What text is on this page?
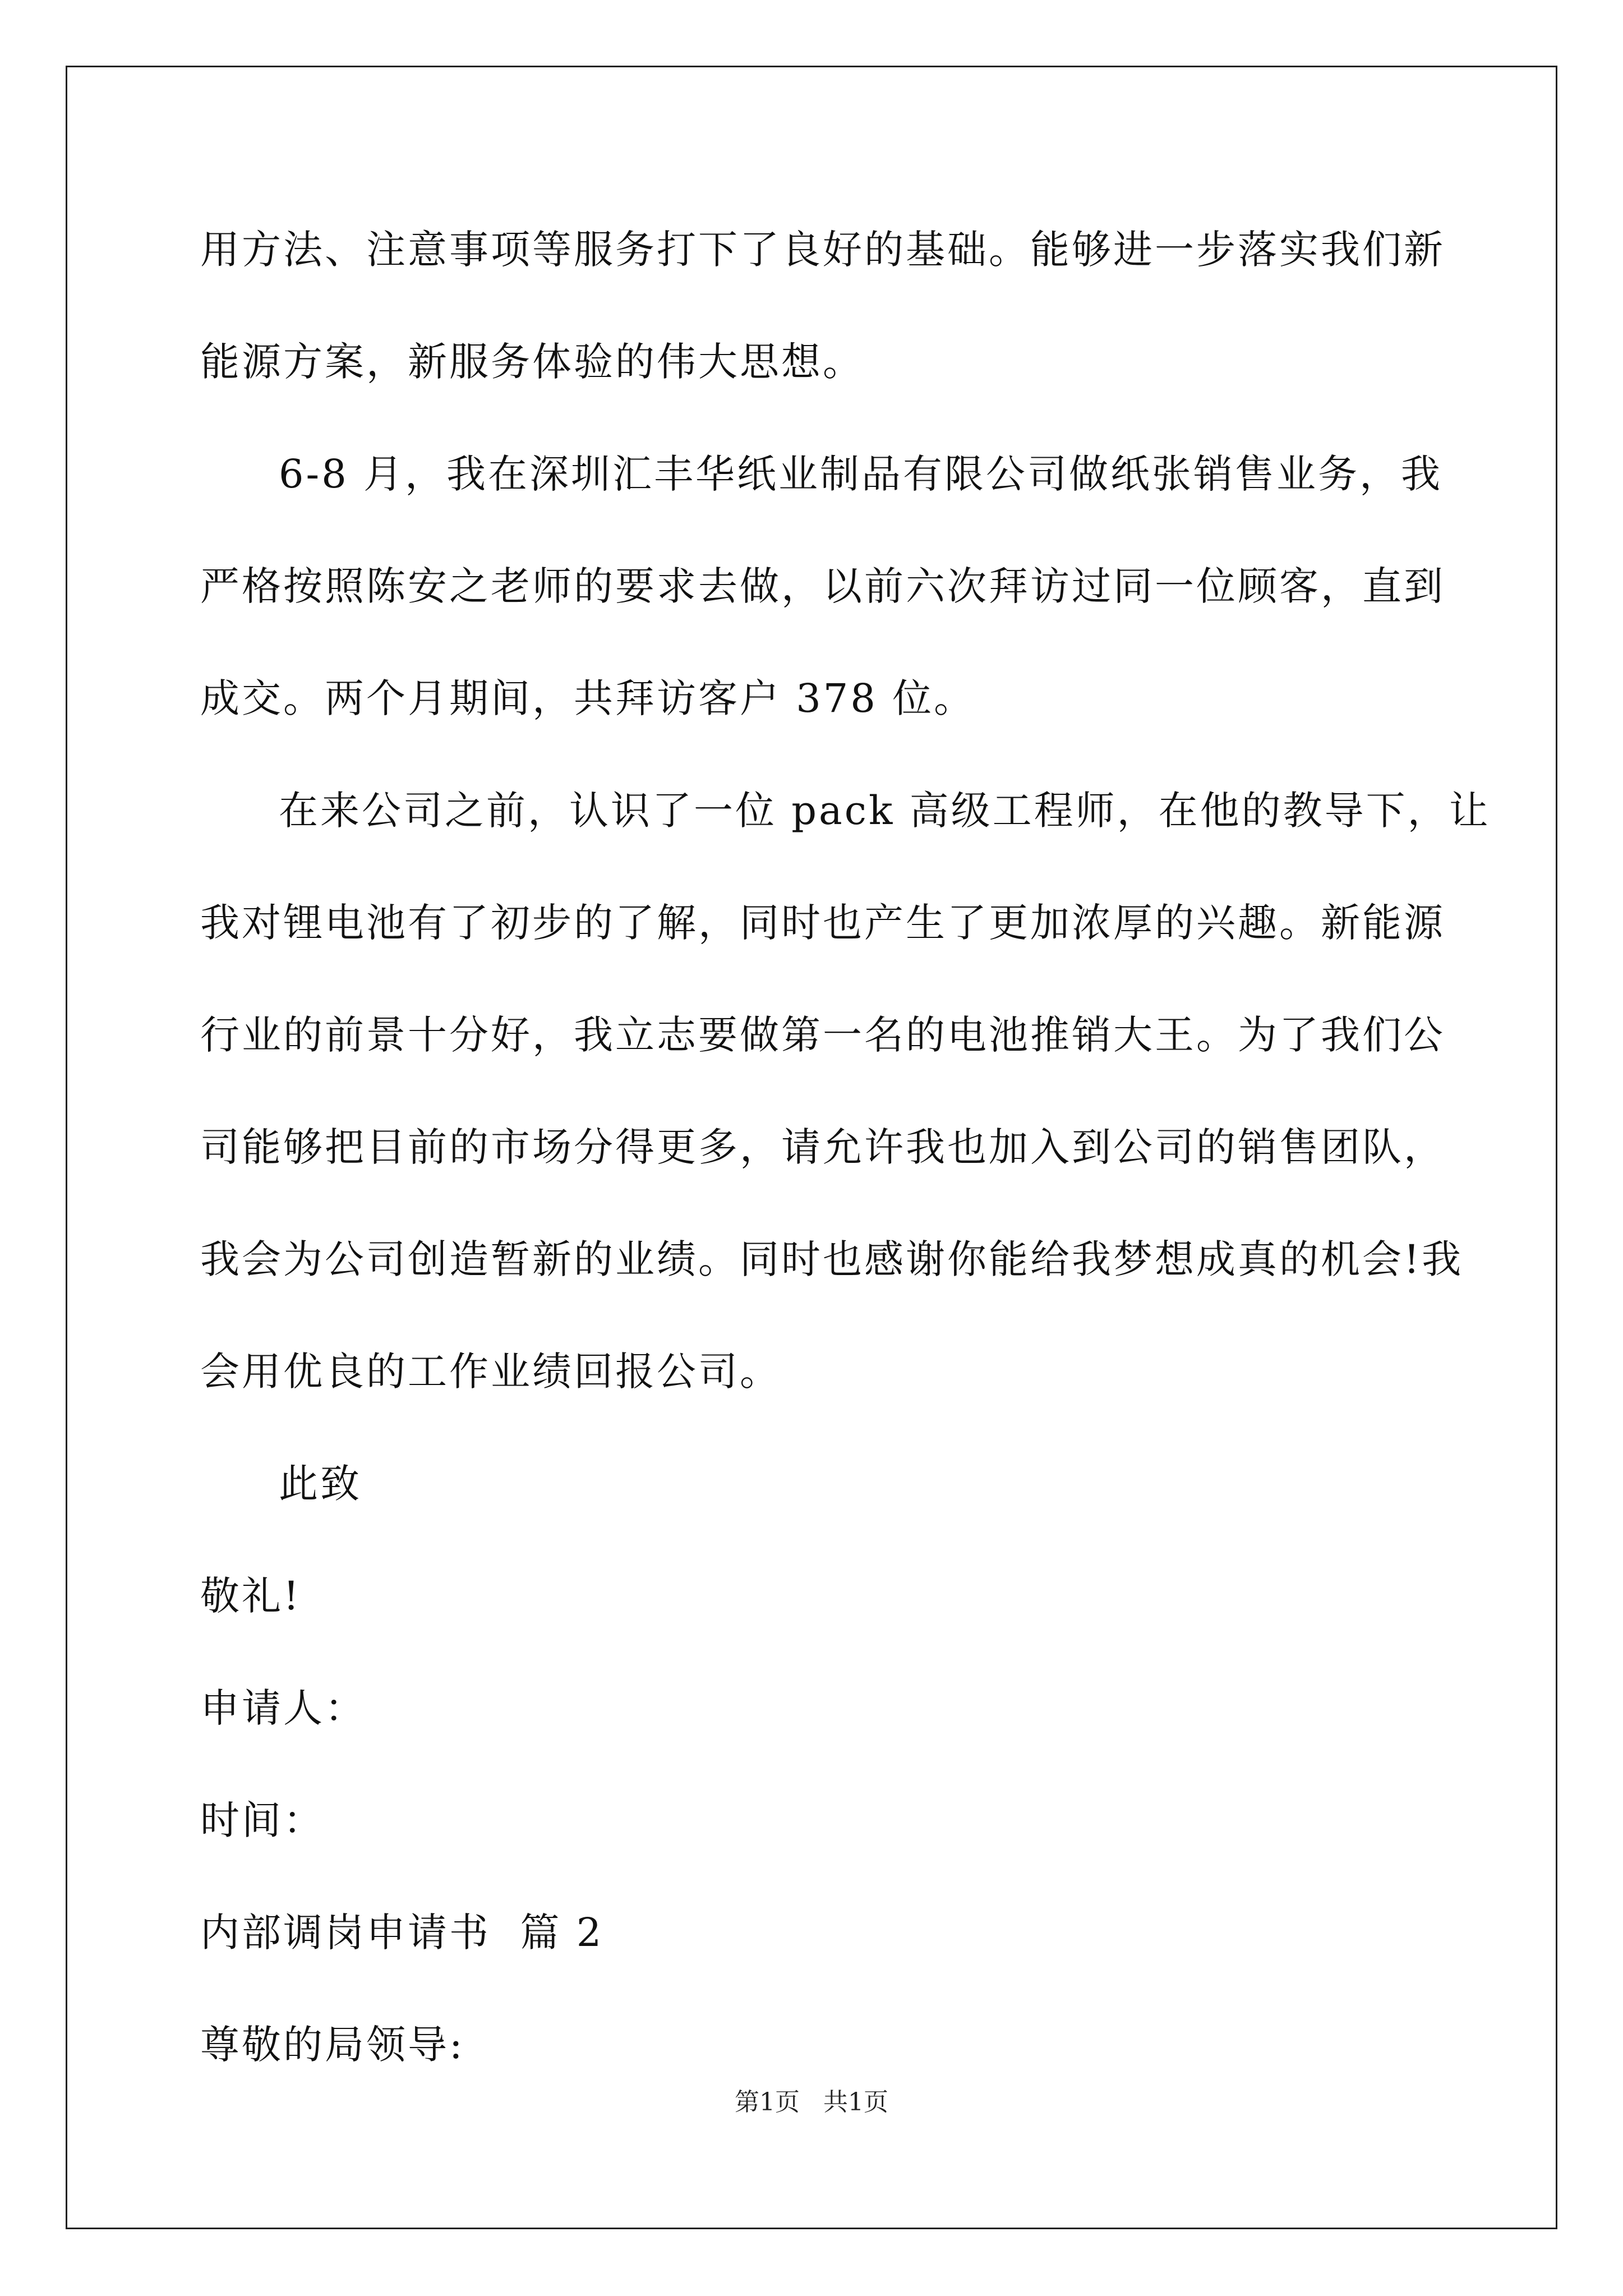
用方法、注意事项等服务打下了良好的基础。能够进一步落实我们新
能源方案，新服务体验的伟大思想。
6-8 月，我在深圳汇丰华纸业制品有限公司做纸张销售业务，我
严格按照陈安之老师的要求去做，以前六次拜访过同一位顾客，直到
成交。两个月期间，共拜访客户 378 位。
在来公司之前，认识了一位 pack 高级工程师，在他的教导下，让
我对锂电池有了初步的了解，同时也产生了更加浓厚的兴趣。新能源
行业的前景十分好，我立志要做第一名的电池推销大王。为了我们公
司能够把目前的市场分得更多，请允许我也加入到公司的销售团队，
我会为公司创造暂新的业绩。同时也感谢你能给我梦想成真的机会!我
会用优良的工作业绩回报公司。
此致
敬礼!
申请人：
时间：
内部调岗申请书  篇 2
尊敬的局领导:
第1页   共1页
